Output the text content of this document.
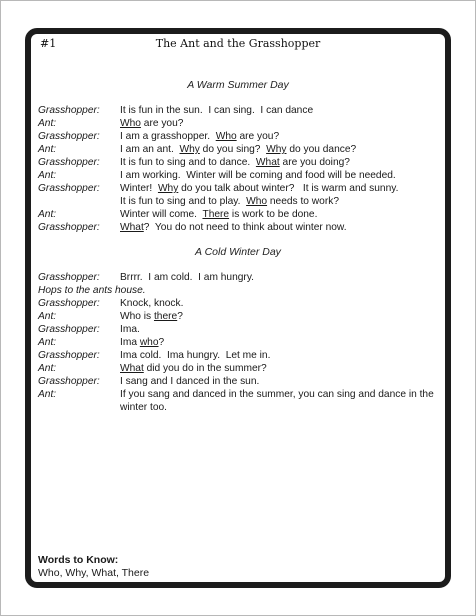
#1	The Ant and the Grasshopper
A Warm Summer Day
Grasshopper:	It is fun in the sun.  I can sing.  I can dance
Ant:	Who are you?
Grasshopper:	I am a grasshopper.  Who are you?
Ant:	I am an ant.  Why do you sing?  Why do you dance?
Grasshopper:	It is fun to sing and to dance.  What are you doing?
Ant:	I am working.  Winter will be coming and food will be needed.
Grasshopper:	Winter!  Why do you talk about winter?   It is warm and sunny.
It is fun to sing and to play.  Who needs to work?
Ant:	Winter will come.  There is work to be done.
Grasshopper:	What?  You do not need to think about winter now.
A Cold Winter Day
Grasshopper:	Brrrr.  I am cold.  I am hungry.
Hops to the ants house.
Grasshopper:	Knock, knock.
Ant:	Who is there?
Grasshopper:	Ima.
Ant:	Ima who?
Grasshopper:	Ima cold.  Ima hungry.  Let me in.
Ant:	What did you do in the summer?
Grasshopper:	I sang and I danced in the sun.
Ant:	If you sang and danced in the summer, you can sing and dance in the winter too.
Words to Know:
Who, Why, What, There
